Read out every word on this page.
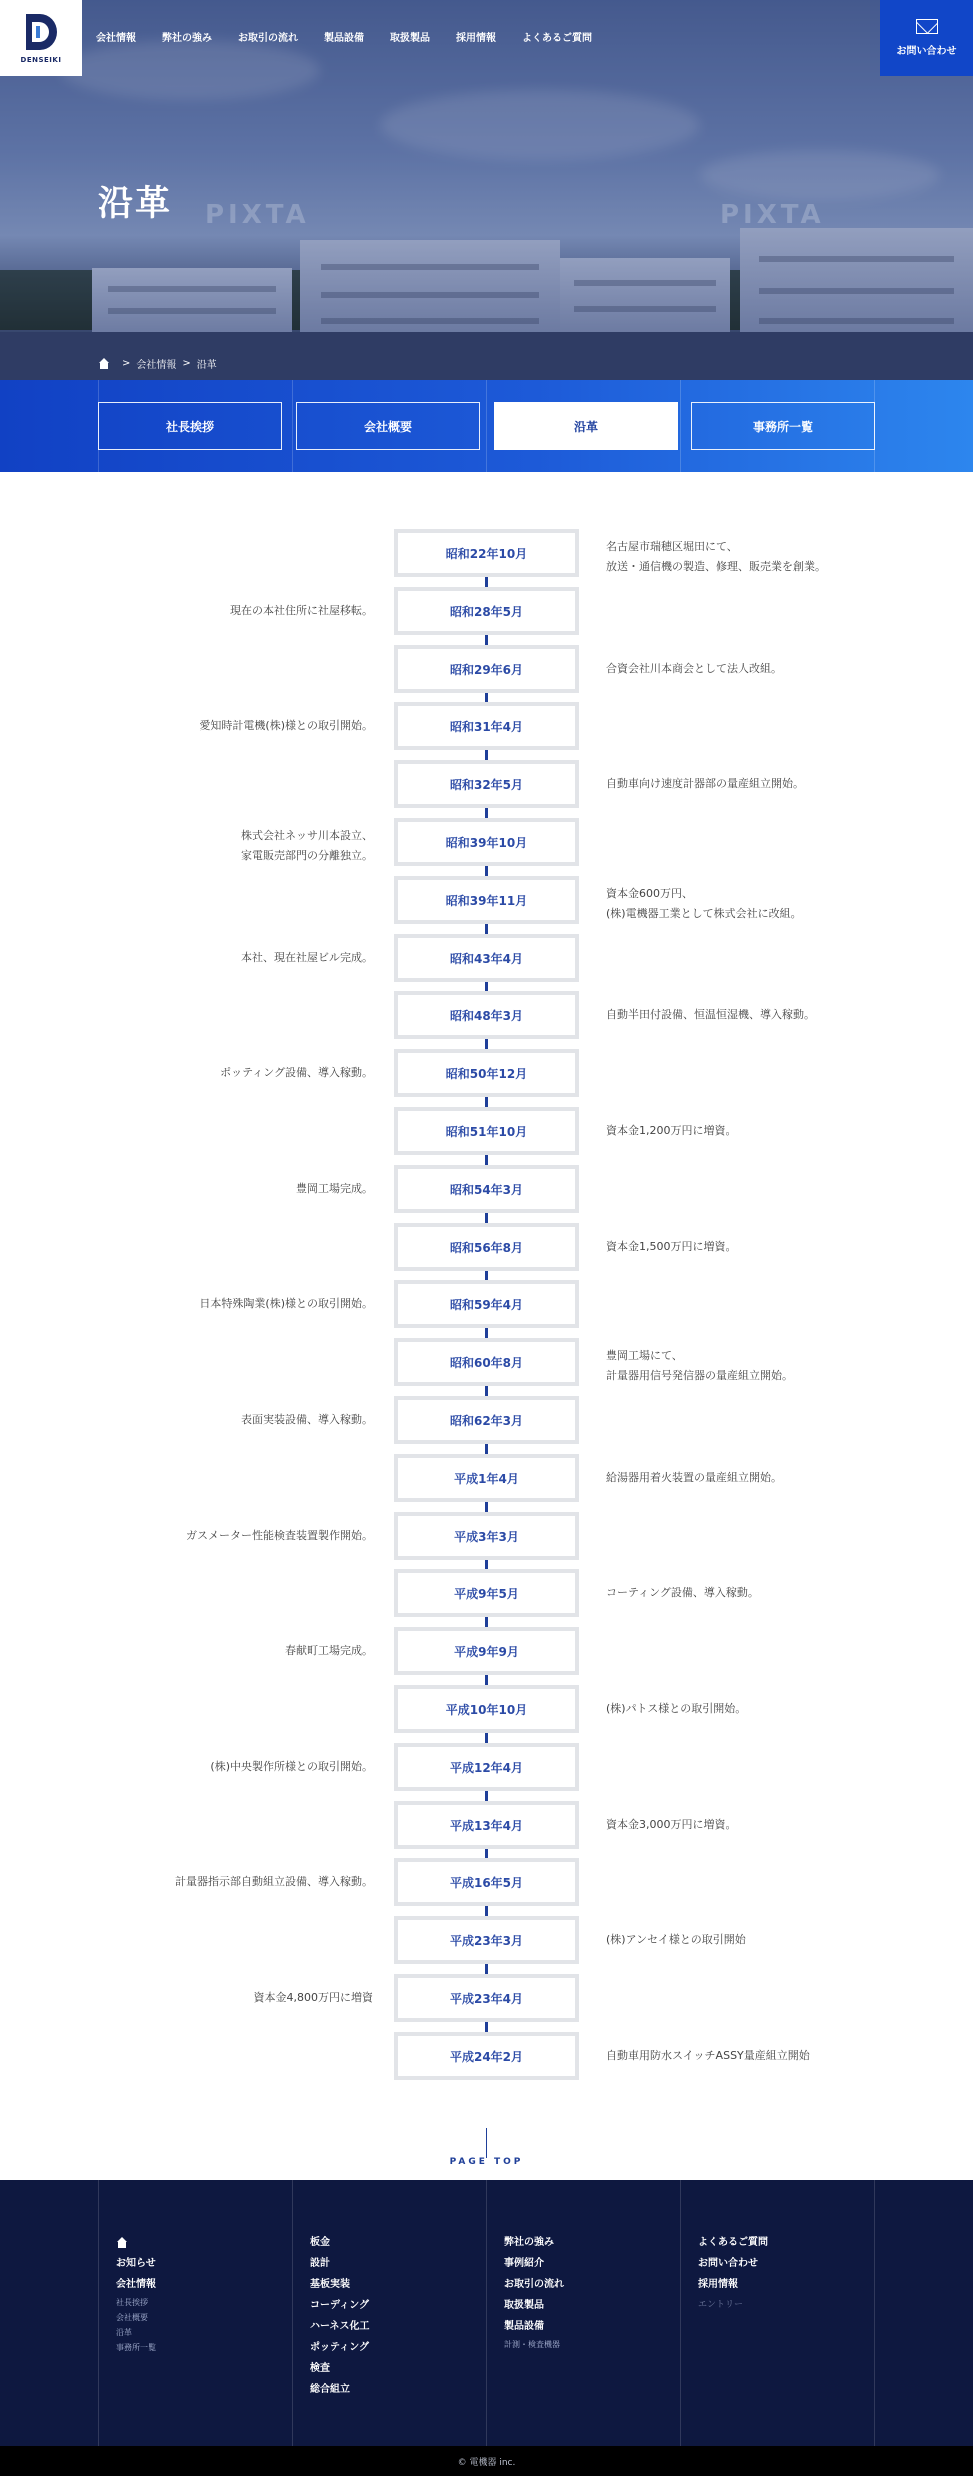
PIXTA	PIXTA
DENSEIKI
会社情報	弊社の強み	お取引の流れ	製品設備	取扱製品	採用情報	よくあるご質問
お問い合わせ
沿革
> 会社情報 > 沿革
社長挨拶	会社概要	沿革	事務所一覧
昭和22年10月	名古屋市瑞穂区堀田にて、
放送・通信機の製造、修理、販売業を創業。
昭和28年5月
現在の本社住所に社屋移転。
昭和29年6月	合資会社川本商会として法人改組。
昭和31年4月
愛知時計電機(株)様との取引開始。
昭和32年5月	自動車向け速度計器部の量産組立開始。
昭和39年10月
株式会社ネッサ川本設立、
家電販売部門の分離独立。
昭和39年11月	資本金600万円、
(株)電機器工業として株式会社に改組。
昭和43年4月
本社、現在社屋ビル完成。
昭和48年3月	自動半田付設備、恒温恒湿機、導入稼動。
昭和50年12月
ポッティング設備、導入稼動。
昭和51年10月	資本金1,200万円に増資。
昭和54年3月
豊岡工場完成。
昭和56年8月	資本金1,500万円に増資。
昭和59年4月
日本特殊陶業(株)様との取引開始。
昭和60年8月	豊岡工場にて、
計量器用信号発信器の量産組立開始。
昭和62年3月
表面実装設備、導入稼動。
平成1年4月	給湯器用着火装置の量産組立開始。
平成3年3月
ガスメーター性能検査装置製作開始。
平成9年5月	コーティング設備、導入稼動。
平成9年9月
春献町工場完成。
平成10年10月	(株)パトス様との取引開始。
平成12年4月
(株)中央製作所様との取引開始。
平成13年4月	資本金3,000万円に増資。
平成16年5月
計量器指示部自動組立設備、導入稼動。
平成23年3月	(株)アンセイ様との取引開始
平成23年4月
資本金4,800万円に増資
平成24年2月	自動車用防水スイッチASSY量産組立開始
PAGE TOP
お知らせ
会社情報
社長挨拶
会社概要
沿革
事務所一覧
板金
設計
基板実装
コーディング
ハーネス化工
ポッティング
検査
総合組立
弊社の強み
事例紹介
お取引の流れ
取扱製品
製品設備
計測・検査機器
よくあるご質問
お問い合わせ
採用情報
エントリー
© 電機器 inc.
